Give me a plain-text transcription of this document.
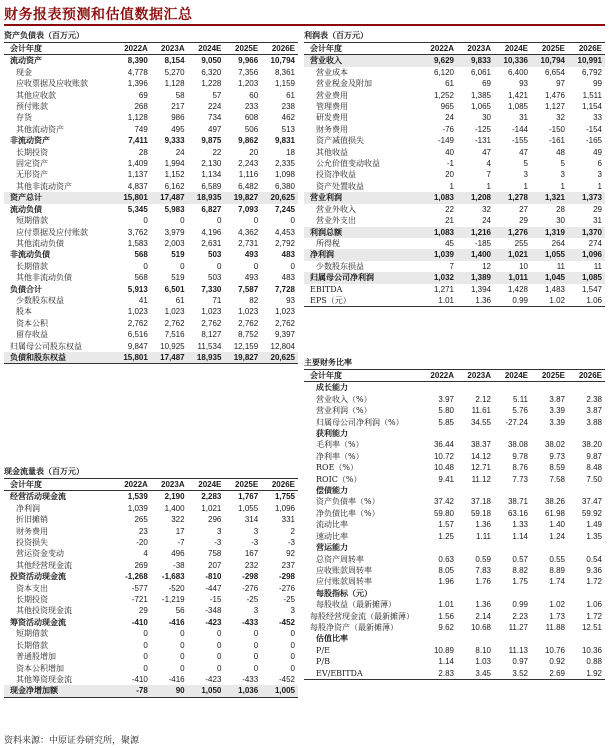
财务报表预测和估值数据汇总
资产负债表（百万元）
会计年度	2022A	2023A	2024E	2025E	2026E
流动资产	8,390	8,154	9,050	9,966	10,794
现金	4,778	5,270	6,320	7,356	8,361
应收票据及应收账款	1,396	1,128	1,228	1,203	1,159
其他应收款	69	58	57	60	61
预付账款	268	217	224	233	238
存货	1,128	986	734	608	462
其他流动资产	749	495	497	506	513
非流动资产	7,411	9,333	9,875	9,862	9,831
长期投资	28	24	22	20	18
固定资产	1,409	1,994	2,130	2,243	2,335
无形资产	1,137	1,152	1,134	1,116	1,098
其他非流动资产	4,837	6,162	6,589	6,482	6,380
资产总计	15,801	17,487	18,935	19,827	20,625
流动负债	5,345	5,983	6,827	7,093	7,245
短期借款	0	0	0	0	0
应付票据及应付账款	3,762	3,979	4,196	4,362	4,453
其他流动负债	1,583	2,003	2,631	2,731	2,792
非流动负债	568	519	503	493	483
长期借款	0	0	0	0	0
其他非流动负债	568	519	503	493	483
负债合计	5,913	6,501	7,330	7,587	7,728
少数股东权益	41	61	71	82	93
股本	1,023	1,023	1,023	1,023	1,023
资本公积	2,762	2,762	2,762	2,762	2,762
留存收益	6,516	7,516	8,127	8,752	9,397
归属母公司股东权益	9,847	10,925	11,534	12,159	12,804
负债和股东权益	15,801	17,487	18,935	19,827	20,625
现金流量表（百万元）
会计年度	2022A	2023A	2024E	2025E	2026E
经营活动现金流	1,539	2,190	2,283	1,767	1,755
净利润	1,039	1,400	1,021	1,055	1,096
折旧摊销	265	322	296	314	331
财务费用	23	17	3	3	2
投资损失	-20	-7	-3	-3	-3
营运资金变动	4	496	758	167	92
其他经营现金流	269	-38	207	232	237
投资活动现金流	-1,268	-1,683	-810	-298	-298
资本支出	-577	-520	-447	-276	-276
长期投资	-721	-1,219	-15	-25	-25
其他投资现金流	29	56	-348	3	3
筹资活动现金流	-410	-416	-423	-433	-452
短期借款	0	0	0	0	0
长期借款	0	0	0	0	0
普通股增加	0	0	0	0	0
资本公积增加	0	0	0	0	0
其他筹资现金流	-410	-416	-423	-433	-452
现金净增加额	-78	90	1,050	1,036	1,005
利润表（百万元）
会计年度	2022A	2023A	2024E	2025E	2026E
营业收入	9,629	9,833	10,336	10,794	10,991
营业成本	6,120	6,061	6,400	6,654	6,792
营业税金及附加	61	69	93	97	99
营业费用	1,252	1,385	1,421	1,476	1,511
管理费用	965	1,065	1,085	1,127	1,154
研发费用	24	30	31	32	33
财务费用	-76	-125	-144	-150	-154
资产减值损失	-149	-131	-155	-161	-165
其他收益	40	47	47	48	49
公允价值变动收益	-1	4	5	5	6
投资净收益	20	7	3	3	3
资产处置收益	1	1	1	1	1
营业利润	1,083	1,208	1,278	1,321	1,373
营业外收入	22	32	27	28	29
营业外支出	21	24	29	30	31
利润总额	1,083	1,216	1,276	1,319	1,370
所得税	45	-185	255	264	274
净利润	1,039	1,400	1,021	1,055	1,096
少数股东损益	7	12	10	11	11
归属母公司净利润	1,032	1,389	1,011	1,045	1,085
EBITDA	1,271	1,394	1,428	1,483	1,547
EPS（元）	1.01	1.36	0.99	1.02	1.06
主要财务比率
会计年度	2022A	2023A	2024E	2025E	2026E
成长能力					
营业收入（%）	3.97	2.12	5.11	3.87	2.38
营业利润（%）	5.80	11.61	5.76	3.39	3.87
归属母公司净利润（%）	5.85	34.55	-27.24	3.39	3.88
获利能力					
毛利率（%）	36.44	38.37	38.08	38.02	38.20
净利率（%）	10.72	14.12	9.78	9.73	9.87
ROE（%）	10.48	12.71	8.76	8.59	8.48
ROIC（%）	9.41	11.12	7.73	7.58	7.50
偿债能力					
资产负债率（%）	37.42	37.18	38.71	38.26	37.47
净负债比率（%）	59.80	59.18	63.16	61.98	59.92
流动比率	1.57	1.36	1.33	1.40	1.49
速动比率	1.25	1.11	1.14	1.24	1.35
营运能力					
总资产周转率	0.63	0.59	0.57	0.55	0.54
应收账款周转率	8.05	7.83	8.82	8.89	9.36
应付账款周转率	1.96	1.76	1.75	1.74	1.72
每股指标（元）					
每股收益（最新摊薄）	1.01	1.36	0.99	1.02	1.06
每股经营现金流（最新摊薄）	1.56	2.14	2.23	1.73	1.72
每股净资产（最新摊薄）	9.62	10.68	11.27	11.88	12.51
估值比率					
P/E	10.89	8.10	11.13	10.76	10.36
P/B	1.14	1.03	0.97	0.92	0.88
EV/EBITDA	2.83	3.45	3.52	2.69	1.92
资料来源：中原证券研究所，聚源
